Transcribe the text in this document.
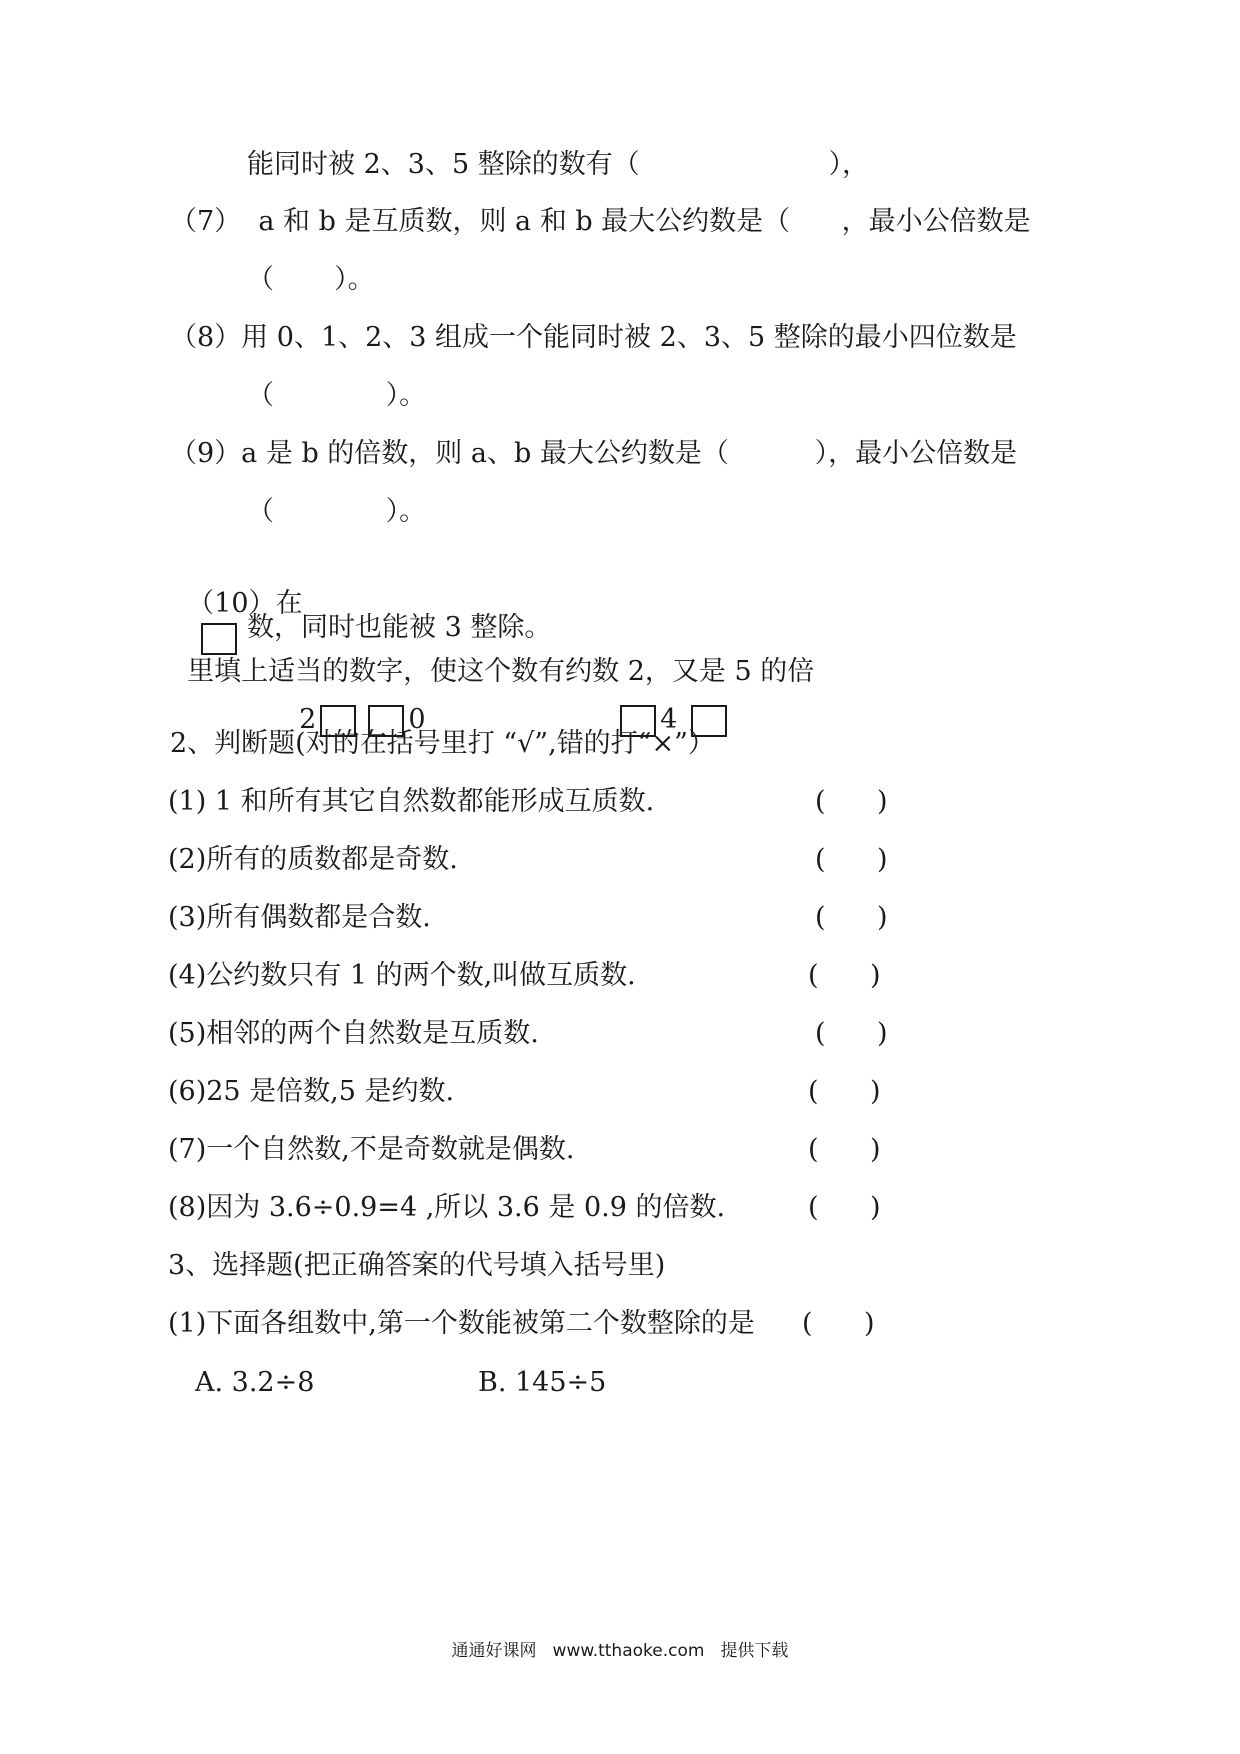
能同时被 2、3、5 整除的数有（                      ），
（7）  a 和 b 是互质数，则 a 和 b 最大公约数是（      ，最小公倍数是
（       ）。
（8）用 0、1、2、3 组成一个能同时被 2、3、5 整除的最小四位数是
（             ）。
（9）a 是 b 的倍数，则 a、b 最大公约数是（          ），最小公倍数是
（             ）。

（10）在

里填上适当的数字，使这个数有约数 2，又是 5 的倍

数，同时也能被 3 整除。

2	0	4

2、判断题(对的在括号里打 “√”,错的打“×”）
(1) 1 和所有其它自然数都能形成互质数.	(      )
(2)所有的质数都是奇数.	(      )
(3)所有偶数都是合数.	(      )
(4)公约数只有 1 的两个数,叫做互质数.	(      )
(5)相邻的两个自然数是互质数.	(      )
(6)25 是倍数,5 是约数.	(      )
(7)一个自然数,不是奇数就是偶数.	(      )
(8)因为 3.6÷0.9=4 ,所以 3.6 是 0.9 的倍数.	(      )
3、选择题(把正确答案的代号填入括号里)
(1)下面各组数中,第一个数能被第二个数整除的是 (      )
A. 3.2÷8	B. 145÷5
通通好课网 www.tthaoke.com 提供下载
